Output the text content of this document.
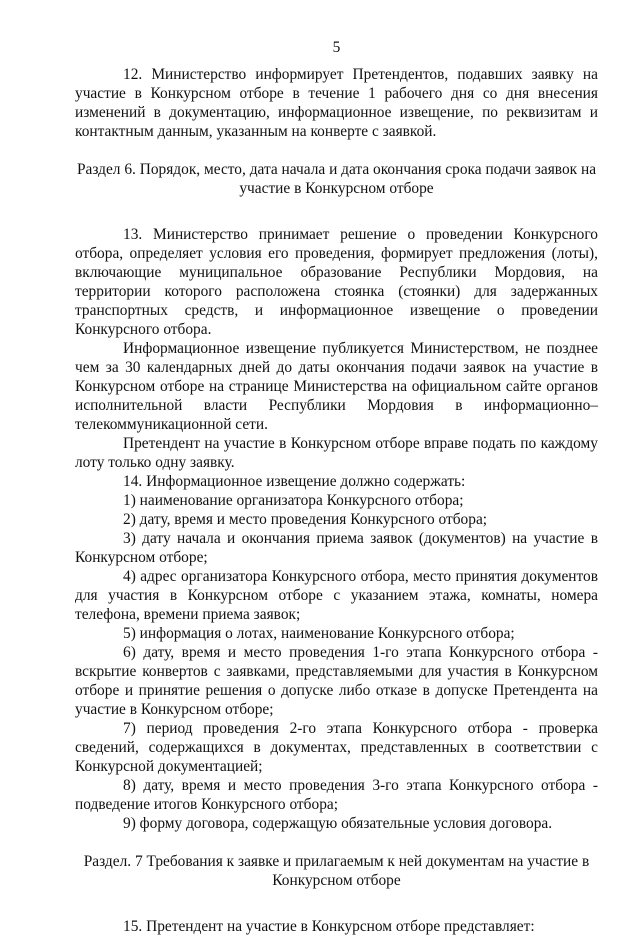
5

12. Министерство информирует Претендентов, подавших заявку на участие в Конкурсном отборе в течение 1 рабочего дня со дня внесения изменений в документацию, информационное извещение, по реквизитам и контактным данным, указанным на конверте с заявкой.

Раздел 6. Порядок, место, дата начала и дата окончания срока подачи заявок на участие в Конкурсном отборе

13. Министерство принимает решение о проведении Конкурсного отбора, определяет условия его проведения, формирует предложения (лоты), включающие муниципальное образование Республики Мордовия, на территории которого расположена стоянка (стоянки) для задержанных транспортных средств, и информационное извещение о проведении Конкурсного отбора.

Информационное извещение публикуется Министерством, не позднее чем за 30 календарных дней до даты окончания подачи заявок на участие в Конкурсном отборе на странице Министерства на официальном сайте органов исполнительной власти Республики Мордовия в информационно–телекоммуникационной сети.

Претендент на участие в Конкурсном отборе вправе подать по каждому лоту только одну заявку.

14. Информационное извещение должно содержать:

1) наименование организатора Конкурсного отбора;

2) дату, время и место проведения Конкурсного отбора;

3) дату начала и окончания приема заявок (документов) на участие в Конкурсном отборе;

4) адрес организатора Конкурсного отбора, место принятия документов для участия в Конкурсном отборе с указанием этажа, комнаты, номера телефона, времени приема заявок;

5) информация о лотах, наименование Конкурсного отбора;

6) дату, время и место проведения 1-го этапа Конкурсного отбора - вскрытие конвертов с заявками, представляемыми для участия в Конкурсном отборе и принятие решения о допуске либо отказе в допуске Претендента на участие в Конкурсном отборе;

7) период проведения 2-го этапа Конкурсного отбора - проверка сведений, содержащихся в документах, представленных в соответствии с Конкурсной документацией;

8) дату, время и место проведения 3-го этапа Конкурсного отбора - подведение итогов Конкурсного отбора;

9) форму договора, содержащую обязательные условия договора.

Раздел. 7 Требования к заявке и прилагаемым к ней документам на участие в Конкурсном отборе

15. Претендент на участие в Конкурсном отборе представляет:
